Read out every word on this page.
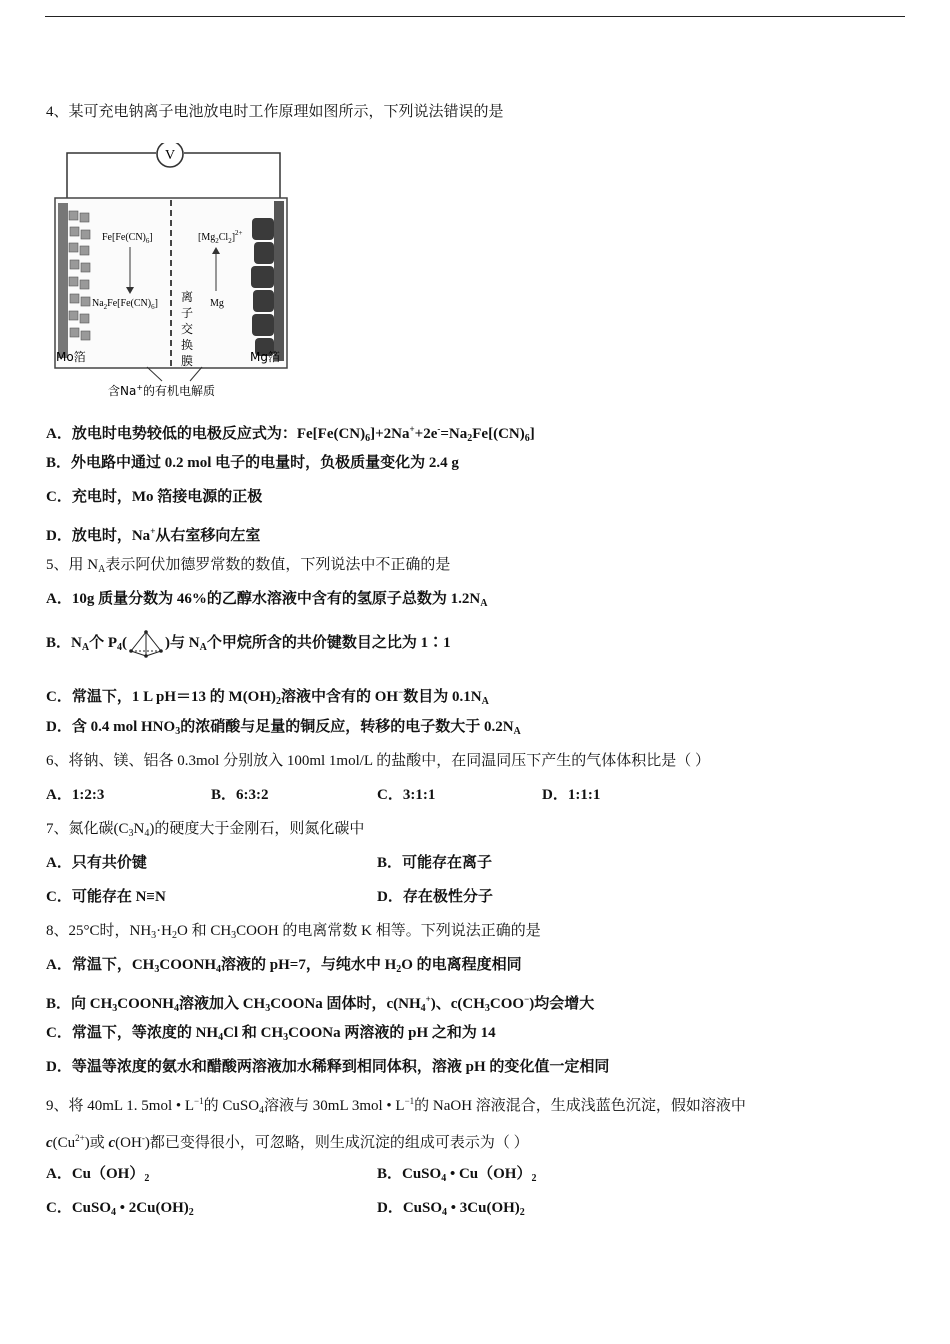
4、某可充电钠离子电池放电时工作原理如图所示，下列说法错误的是
V
离
子
交
换
膜
$Fe[Fe(CN)_6]$
$Na_2Fe[Fe(CN)_6]$
$[Mg_2Cl_2]^{2+}$
Mg
Mo箔	Mg箔
含Na+的有机电解质
A．放电时电势较低的电极反应式为：$Fe[Fe(CN)_6]+2Na^++2e^-=Na_2Fe[(CN)_6]$
B．外电路中通过 0.2 mol 电子的电量时，负极质量变化为 2.4 g
C．充电时，Mo 箔接电源的正极
D．放电时，Na+从右室移向左室
5、用 $N_A$表示阿伏加德罗常数的数值，下列说法中不正确的是
A．10g 质量分数为 46%的乙醇水溶液中含有的氢原子总数为 $1.2N_A$
B．$N_A$个 $P_4$(	)与 $N_A$个甲烷所含的共价键数目之比为 1∶1
C．常温下，1 L pH＝13 的 $M(OH)_2$溶液中含有的 OH−数目为 $0.1N_A$
D．含 0.4 mol $HNO_3$的浓硝酸与足量的铜反应，转移的电子数大于 $0.2N_A$
6、将钠、镁、铝各 0.3mol 分别放入 100ml 1mol/L 的盐酸中，在同温同压下产生的气体体积比是（ ）
A．1:2:3	B．6:3:2	C．3:1:1	D．1:1:1
7、氮化碳$(C_3N_4)$的硬度大于金刚石，则氮化碳中
A．只有共价键	B．可能存在离子
C．可能存在 N≡N	D．存在极性分子
8、25°C时，$NH_3\cdot H_2O$ 和 $CH_3COOH$ 的电离常数 K 相等。下列说法正确的是
A．常温下，$CH_3COONH_4$溶液的 pH=7，与纯水中 $H_2O$ 的电离程度相同
B．向 $CH_3COONH_4$溶液加入 $CH_3COONa$ 固体时，$c(NH_4^+)$、$c(CH_3COO^-)$均会增大
C．常温下，等浓度的 $NH_4Cl$ 和 $CH_3COONa$ 两溶液的 pH 之和为 14
D．等温等浓度的氨水和醋酸两溶液加水稀释到相同体积，溶液 pH 的变化值一定相同
9、将 40mL 1. 5mol • $L^{-1}$的 CuSO$_4$溶液与 30mL 3mol • $L^{-1}$的 NaOH 溶液混合，生成浅蓝色沉淀，假如溶液中
$c(Cu^{2+})$或 c(OH-)都已变得很小，可忽略，则生成沉淀的组成可表示为（ ）
A．$Cu(OH)_2$	B．CuSO$_4$ • $Cu(OH)_2$
C．CuSO$_4$ • $2Cu(OH)_2$	D．CuSO$_4$ • $3Cu(OH)_2$
